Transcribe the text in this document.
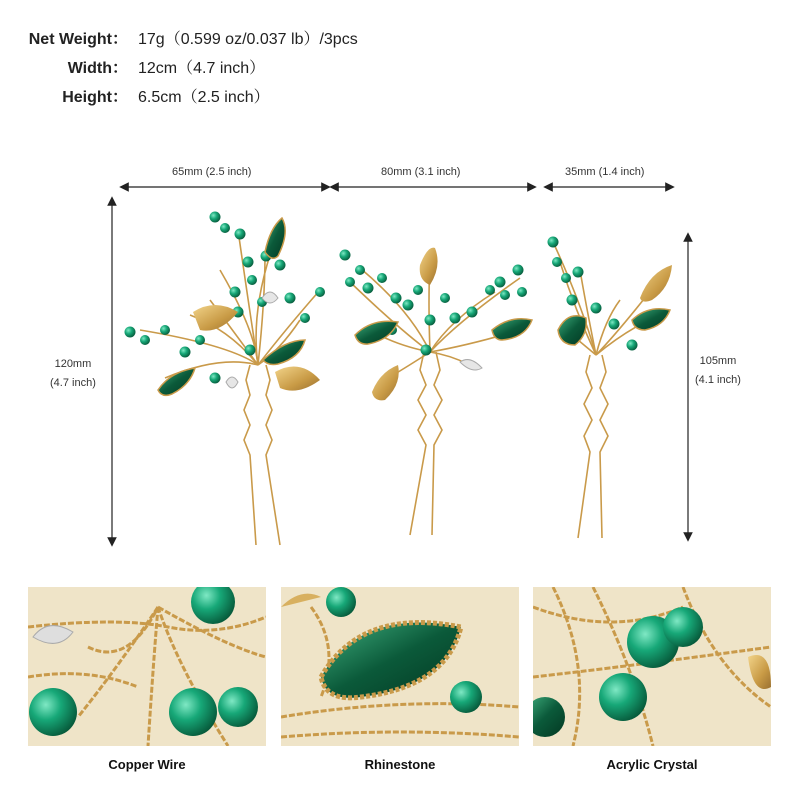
Net Weight： 17g（0.599 oz/0.037 lb）/3pcs
Width： 12cm（4.7 inch）
Height： 6.5cm（2.5 inch）
65mm (2.5 inch)	80mm (3.1 inch)	35mm (1.4 inch)
120mm
(4.7 inch)
105mm
(4.1 inch)
Copper Wire	Rhinestone	Acrylic Crystal
